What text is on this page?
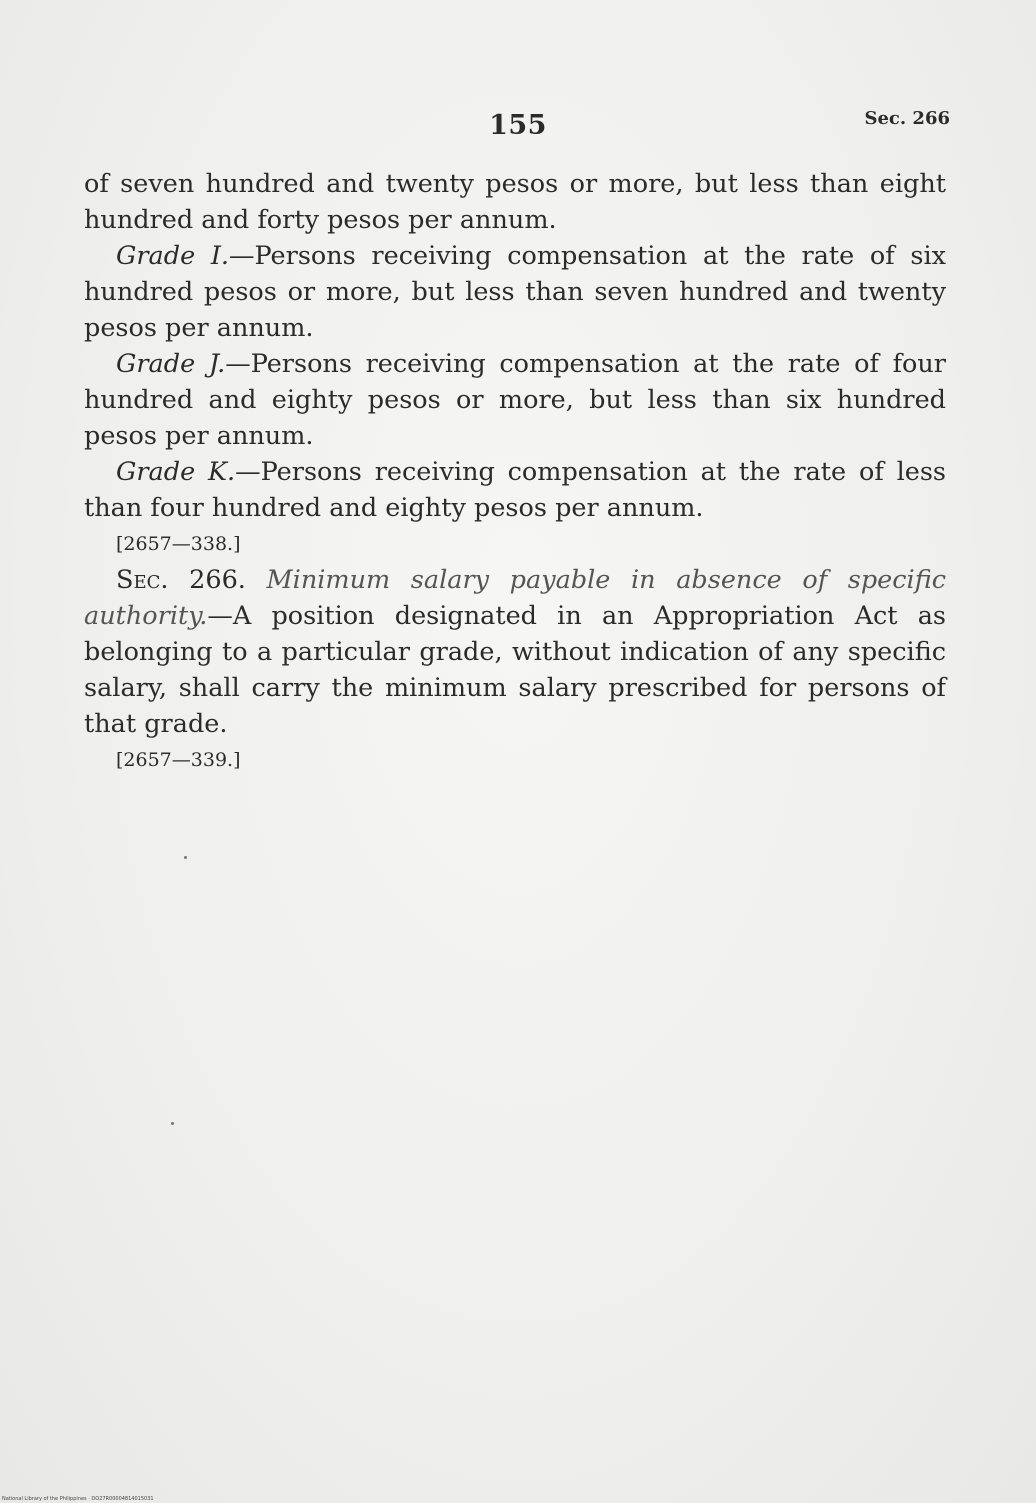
155	Sec. 266

of seven hundred and twenty pesos or more, but less than eight hundred and forty pesos per annum.

Grade I.—Persons receiving compensation at the rate of six hundred pesos or more, but less than seven hundred and twenty pesos per annum.

Grade J.—Persons receiving compensation at the rate of four hundred and eighty pesos or more, but less than six hundred pesos per annum.

Grade K.—Persons receiving compensation at the rate of less than four hundred and eighty pesos per annum.

[2657—338.]

Sec. 266. Minimum salary payable in absence of specific authority.—A position designated in an Appropriation Act as belonging to a particular grade, without indication of any specific salary, shall carry the minimum salary prescribed for persons of that grade.

[2657—339.]

National Library of the Philippines · DO27R00004814015031
